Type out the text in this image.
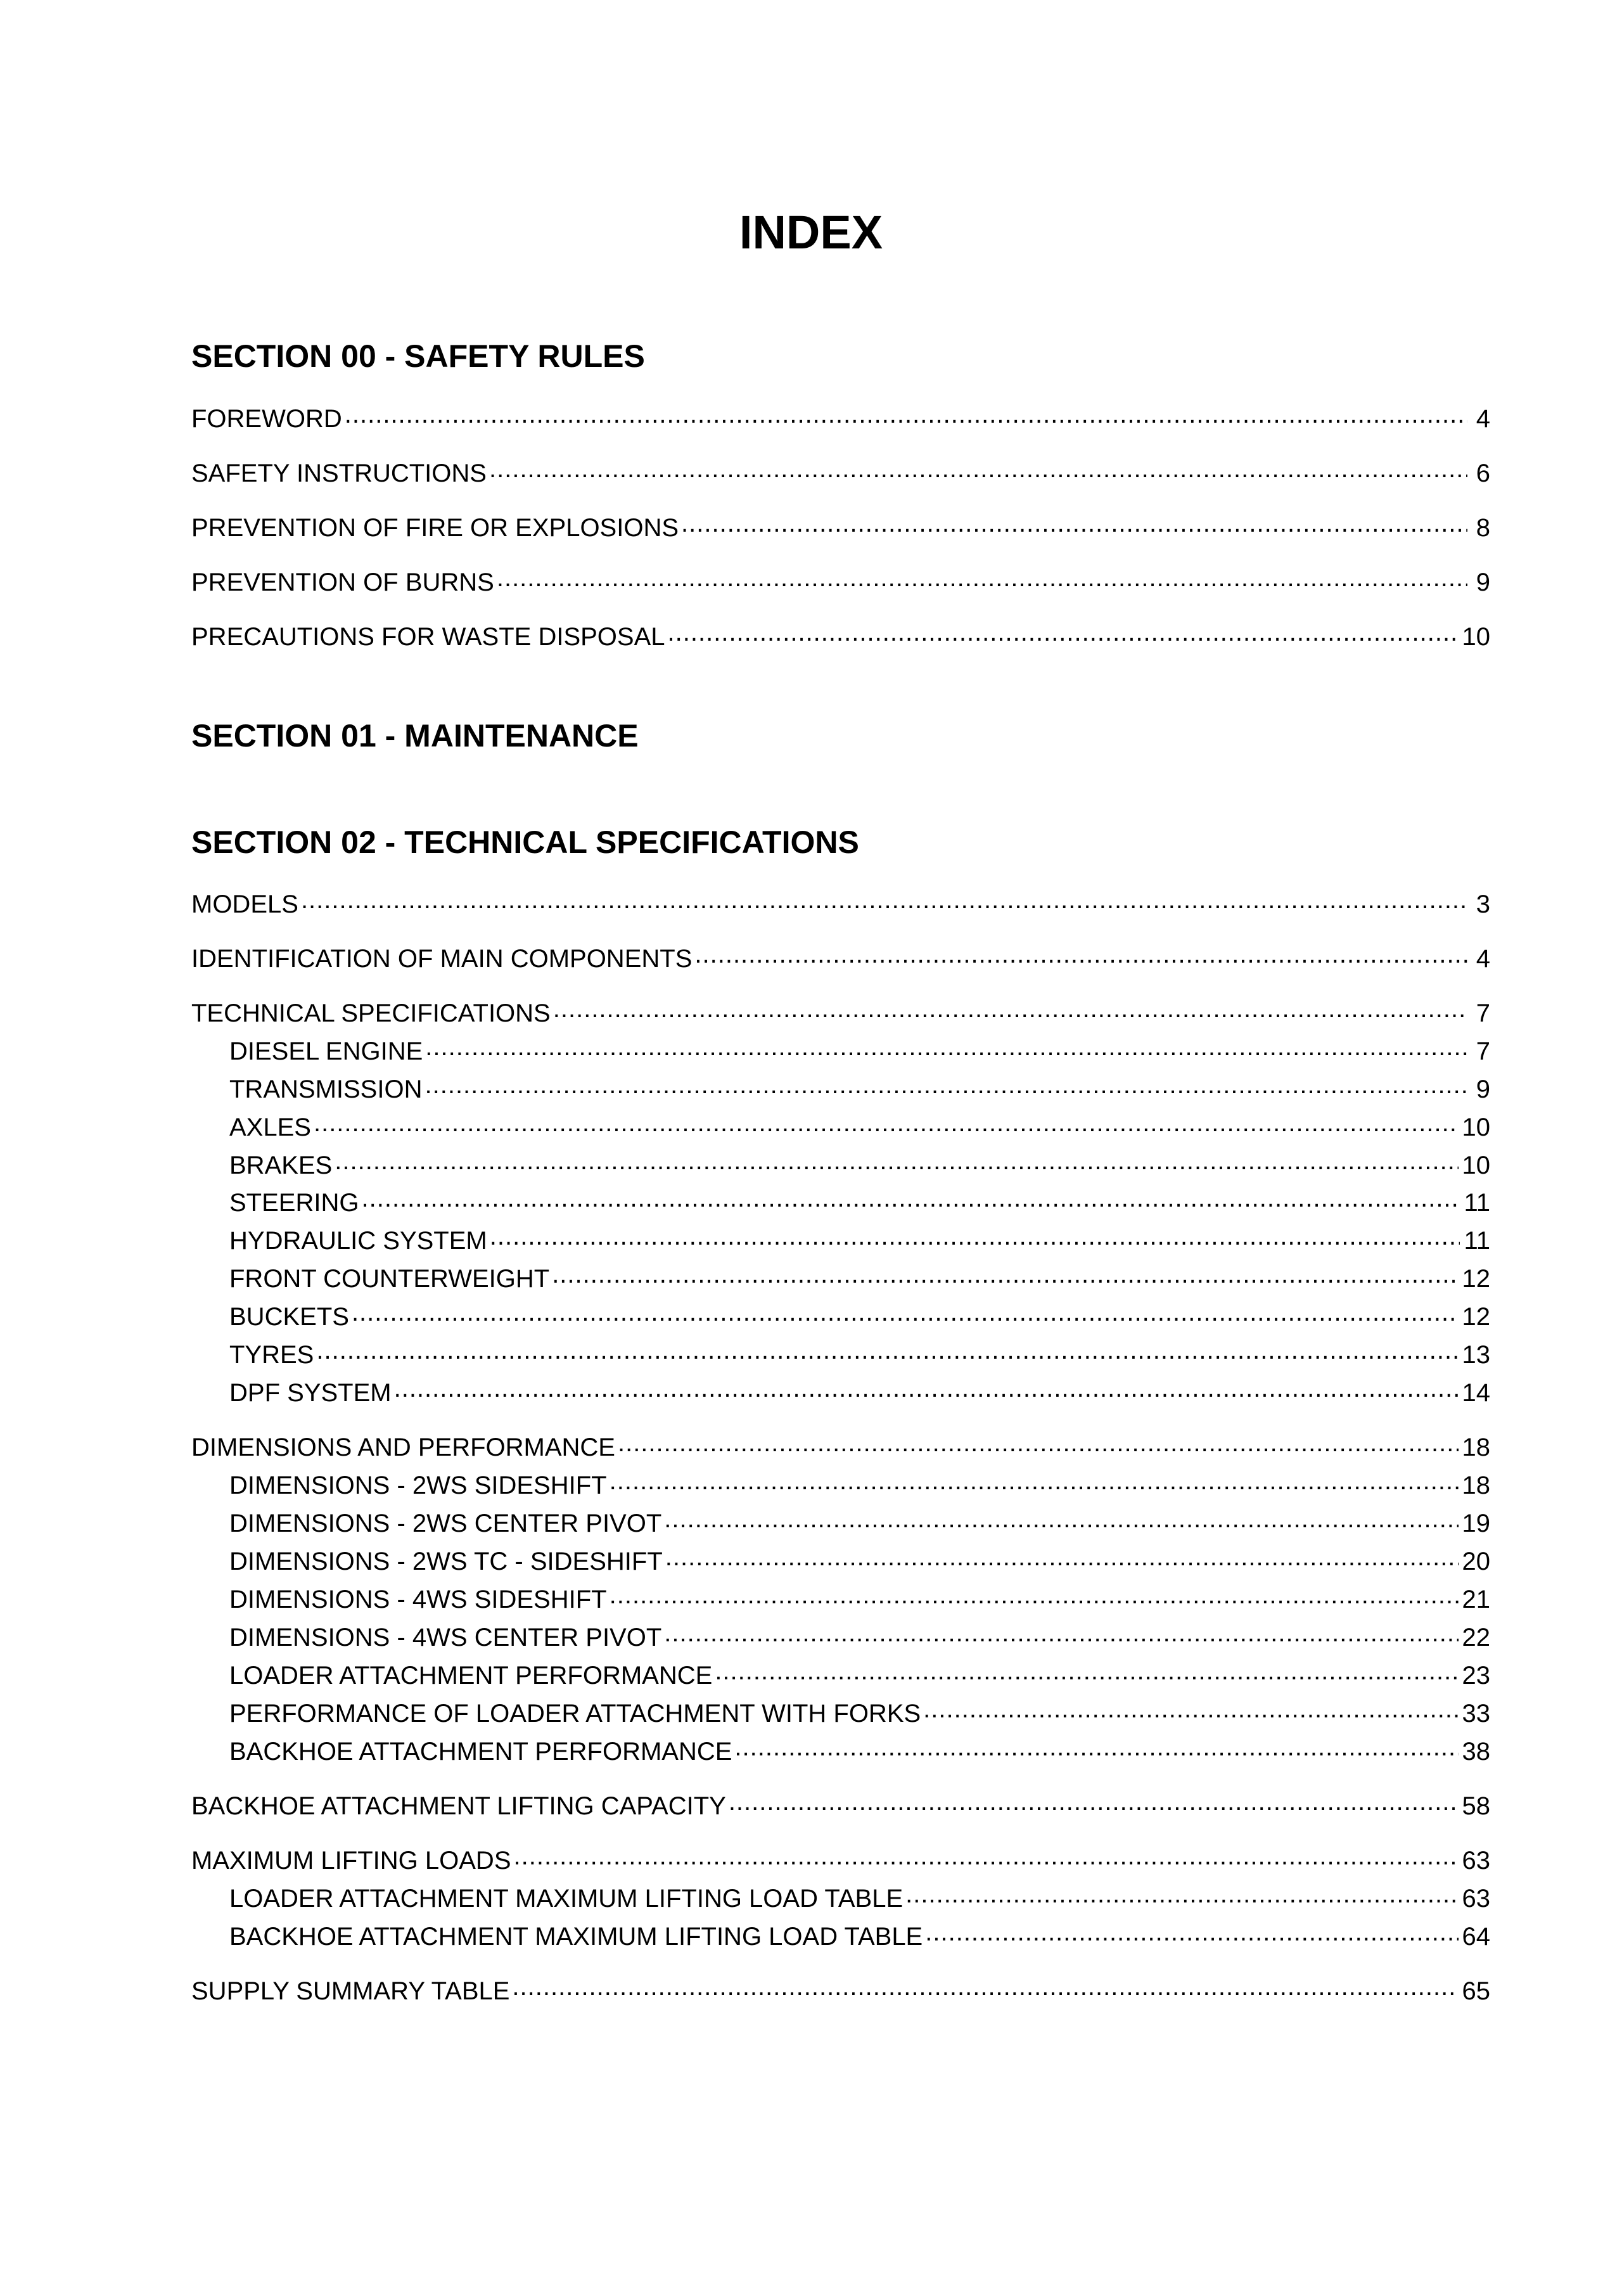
INDEX
SECTION 00 - SAFETY RULES
FOREWORD .....	4
SAFETY INSTRUCTIONS .....	6
PREVENTION OF FIRE OR EXPLOSIONS .....	8
PREVENTION OF BURNS .....	9
PRECAUTIONS FOR WASTE DISPOSAL .....	10
SECTION 01 - MAINTENANCE
SECTION 02 - TECHNICAL SPECIFICATIONS
MODELS .....	3
IDENTIFICATION OF MAIN COMPONENTS .....	4
TECHNICAL SPECIFICATIONS .....	7
DIESEL ENGINE .....	7
TRANSMISSION .....	9
AXLES .....	10
BRAKES .....	10
STEERING .....	11
HYDRAULIC SYSTEM .....	11
FRONT COUNTERWEIGHT .....	12
BUCKETS .....	12
TYRES .....	13
DPF SYSTEM .....	14
DIMENSIONS AND PERFORMANCE .....	18
DIMENSIONS - 2WS SIDESHIFT .....	18
DIMENSIONS - 2WS CENTER PIVOT .....	19
DIMENSIONS - 2WS TC - SIDESHIFT .....	20
DIMENSIONS - 4WS SIDESHIFT .....	21
DIMENSIONS - 4WS CENTER PIVOT .....	22
LOADER ATTACHMENT PERFORMANCE .....	23
PERFORMANCE OF LOADER ATTACHMENT WITH FORKS .....	33
BACKHOE ATTACHMENT PERFORMANCE .....	38
BACKHOE ATTACHMENT LIFTING CAPACITY .....	58
MAXIMUM LIFTING LOADS .....	63
LOADER ATTACHMENT MAXIMUM LIFTING LOAD TABLE .....	63
BACKHOE ATTACHMENT MAXIMUM LIFTING LOAD TABLE .....	64
SUPPLY SUMMARY TABLE .....	65
